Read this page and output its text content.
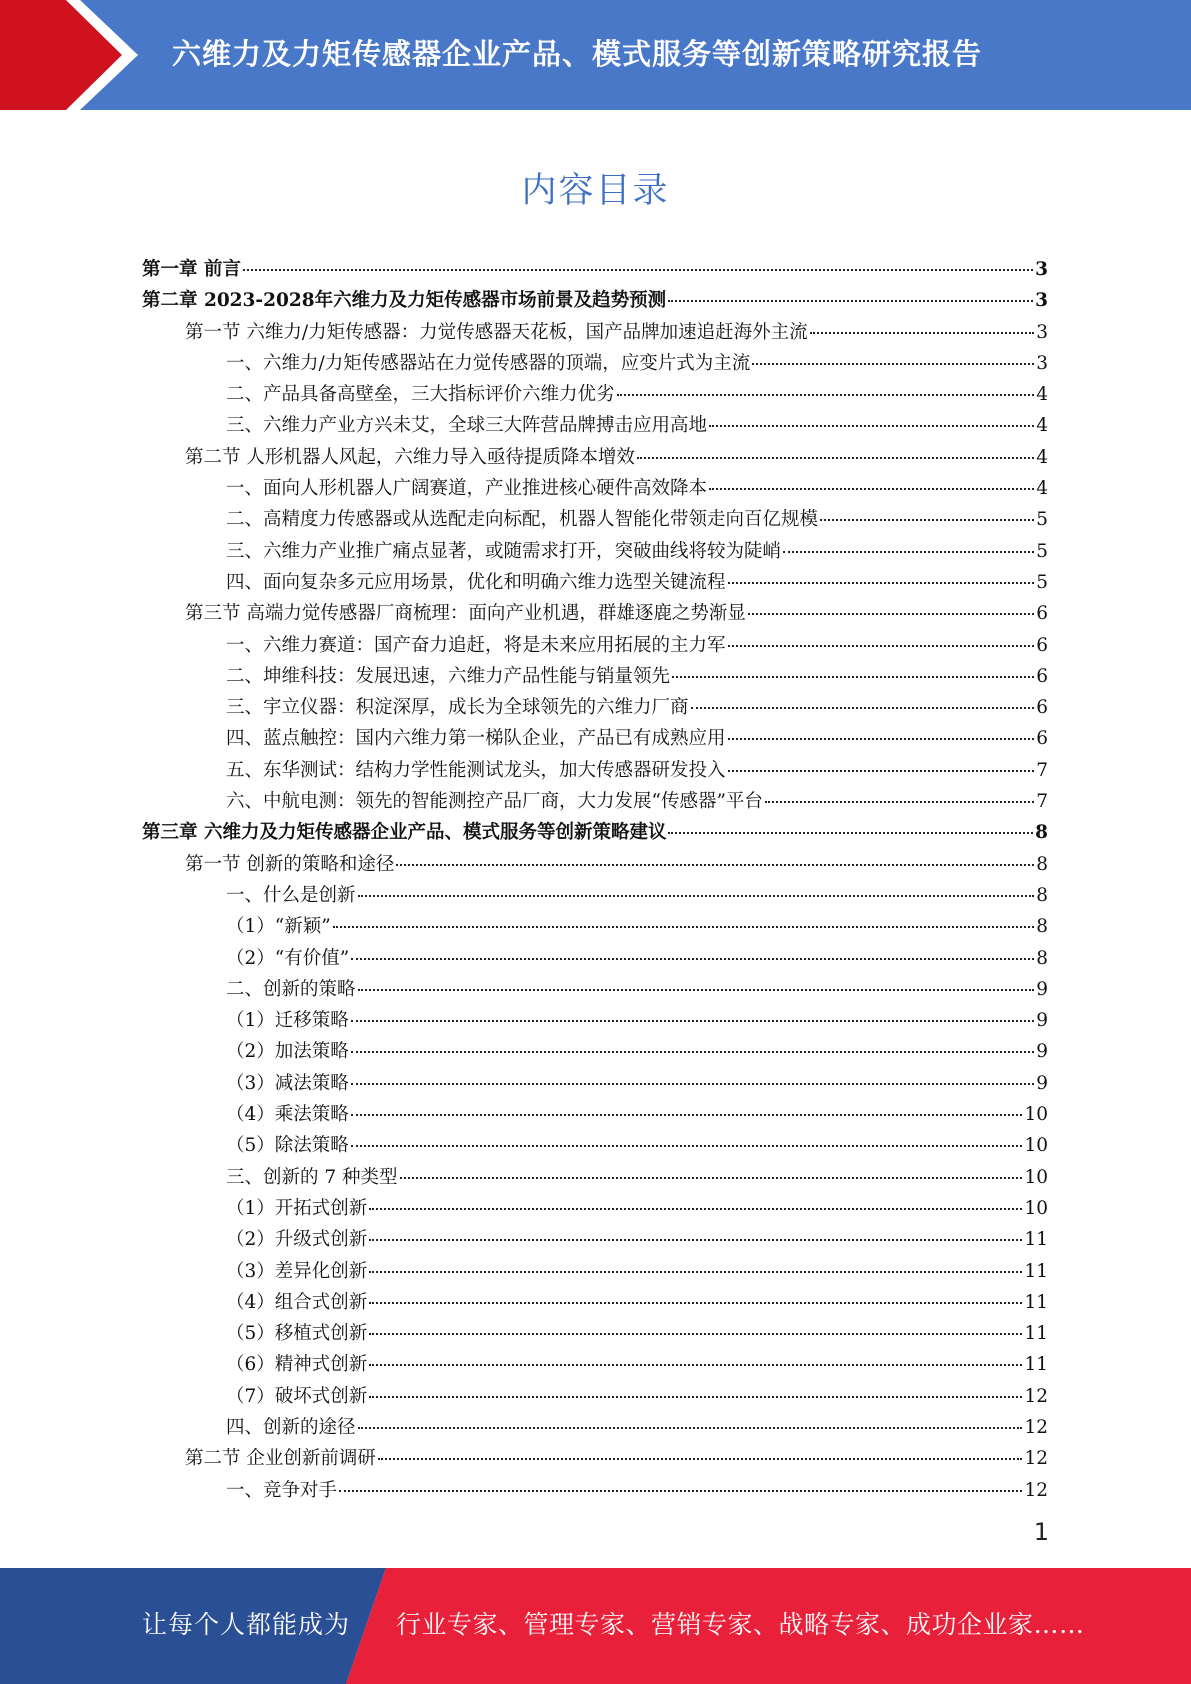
六维力及力矩传感器企业产品、模式服务等创新策略研究报告
内容目录
第一章 前言	3
第二章 2023-2028年六维力及力矩传感器市场前景及趋势预测	3
第一节 六维力/力矩传感器：力觉传感器天花板，国产品牌加速追赶海外主流	3
一、六维力/力矩传感器站在力觉传感器的顶端，应变片式为主流	3
二、产品具备高壁垒，三大指标评价六维力优劣	4
三、六维力产业方兴未艾，全球三大阵营品牌搏击应用高地	4
第二节 人形机器人风起，六维力导入亟待提质降本增效	4
一、面向人形机器人广阔赛道，产业推进核心硬件高效降本	4
二、高精度力传感器或从选配走向标配，机器人智能化带领走向百亿规模	5
三、六维力产业推广痛点显著，或随需求打开，突破曲线将较为陡峭	5
四、面向复杂多元应用场景，优化和明确六维力选型关键流程	5
第三节 高端力觉传感器厂商梳理：面向产业机遇，群雄逐鹿之势渐显	6
一、六维力赛道：国产奋力追赶，将是未来应用拓展的主力军	6
二、坤维科技：发展迅速，六维力产品性能与销量领先	6
三、宇立仪器：积淀深厚，成长为全球领先的六维力厂商	6
四、蓝点触控：国内六维力第一梯队企业，产品已有成熟应用	6
五、东华测试：结构力学性能测试龙头，加大传感器研发投入	7
六、中航电测：领先的智能测控产品厂商，大力发展“传感器”平台	7
第三章 六维力及力矩传感器企业产品、模式服务等创新策略建议	8
第一节 创新的策略和途径	8
一、什么是创新	8
（1）“新颖”	8
（2）“有价值”	8
二、创新的策略	9
（1）迁移策略	9
（2）加法策略	9
（3）减法策略	9
（4）乘法策略	10
（5）除法策略	10
三、创新的 7 种类型	10
（1）开拓式创新	10
（2）升级式创新	11
（3）差异化创新	11
（4）组合式创新	11
（5）移植式创新	11
（6）精神式创新	11
（7）破坏式创新	12
四、创新的途径	12
第二节 企业创新前调研	12
一、竞争对手	12
1
让每个人都能成为 行业专家、管理专家、营销专家、战略专家、成功企业家……
